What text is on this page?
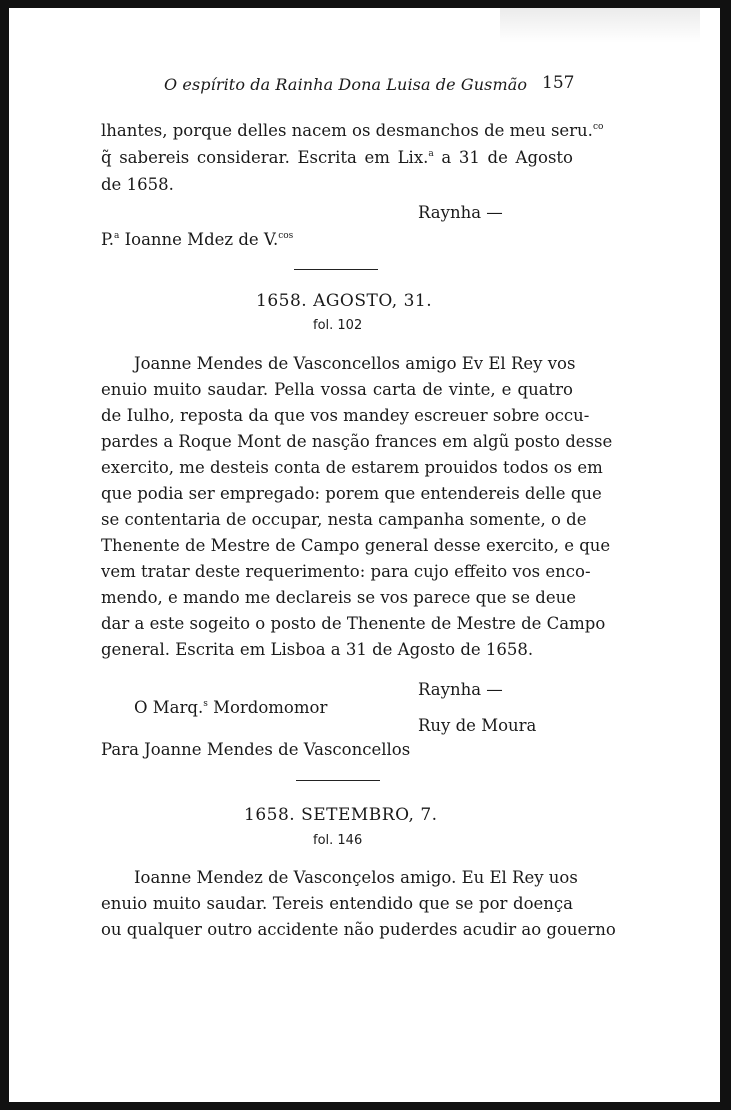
O espírito da Rainha Dona Luisa de Gusmão 157
lhantes, porque delles nacem os desmanchos de meu seru.$^{co}$
q̃ sabereis considerar. Escrita em Lix.$^a$ a 31 de Agosto
de 1658.
Raynha —
P.$^a$ Ioanne Mdez de V.$^{cos}$
1658. AGOSTO, 31.
fol. 102
Joanne Mendes de Vasconcellos amigo Ev El Rey vos
enuio muito saudar. Pella vossa carta de vinte, e quatro
de Iulho, reposta da que vos mandey escreuer sobre occu-
pardes a Roque Mont de nasção frances em algũ posto desse
exercito, me desteis conta de estarem prouidos todos os em
que podia ser empregado: porem que entendereis delle que
se contentaria de occupar, nesta campanha somente, o de
Thenente de Mestre de Campo general desse exercito, e que
vem tratar deste requerimento: para cujo effeito vos enco-
mendo, e mando me declareis se vos parece que se deue
dar a este sogeito o posto de Thenente de Mestre de Campo
general. Escrita em Lisboa a 31 de Agosto de 1658.
Raynha —
O Marq.$^s$ Mordomomor
Ruy de Moura
Para Joanne Mendes de Vasconcellos
1658. SETEMBRO, 7.
fol. 146
Ioanne Mendez de Vasconçelos amigo. Eu El Rey uos
enuio muito saudar. Tereis entendido que se por doença
ou qualquer outro accidente não puderdes acudir ao gouerno
